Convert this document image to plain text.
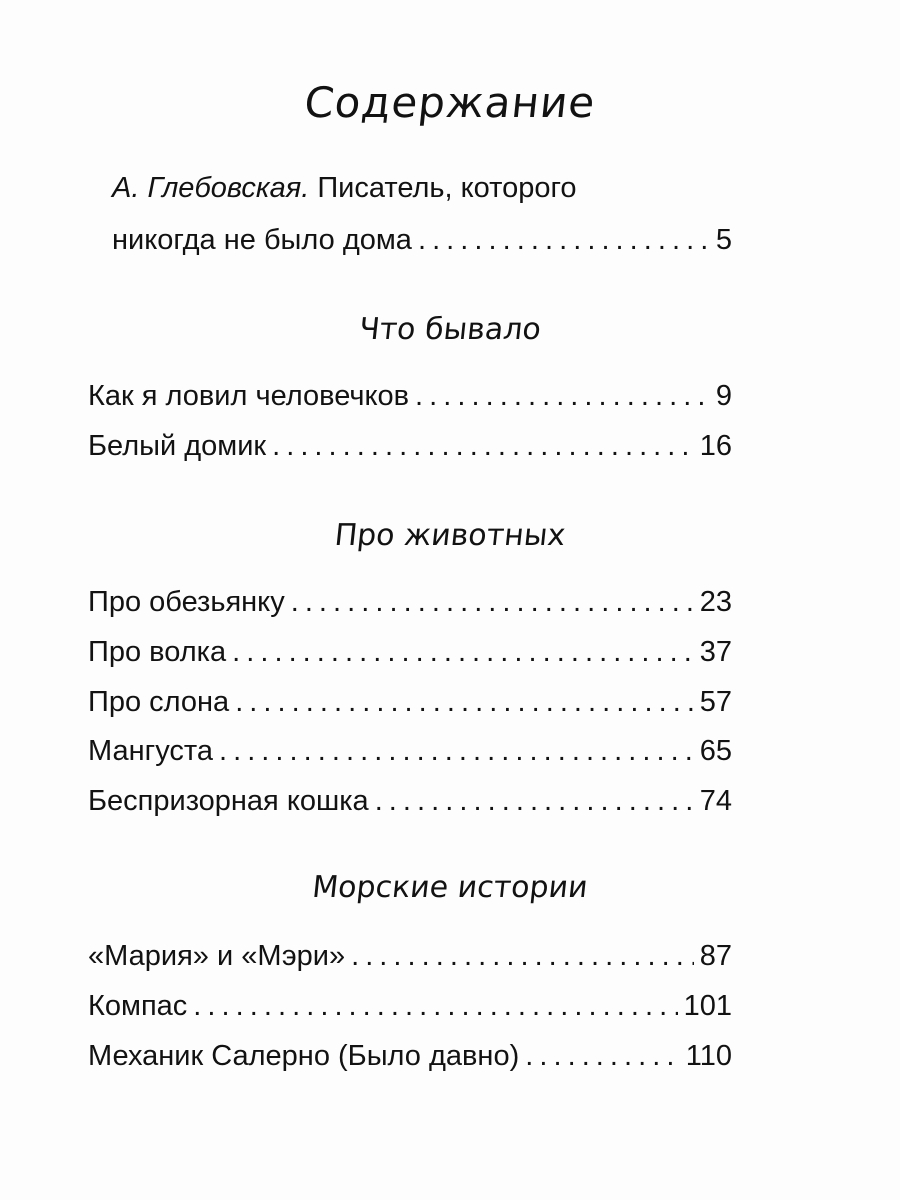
Содержание
А. Глебовская. Писатель, которого
никогда не было дома . . .	5
Что бывало
Как я ловил человечков . . .	9
Белый домик . . .	16
Про животных
Про обезьянку . . .	23
Про волка . . .	37
Про слона . . .	57
Мангуста . . .	65
Беспризорная кошка . . .	74
Морские истории
«Мария» и «Мэри» . . .	87
Компас . . .	101
Механик Салерно (Было давно) . . .	110
